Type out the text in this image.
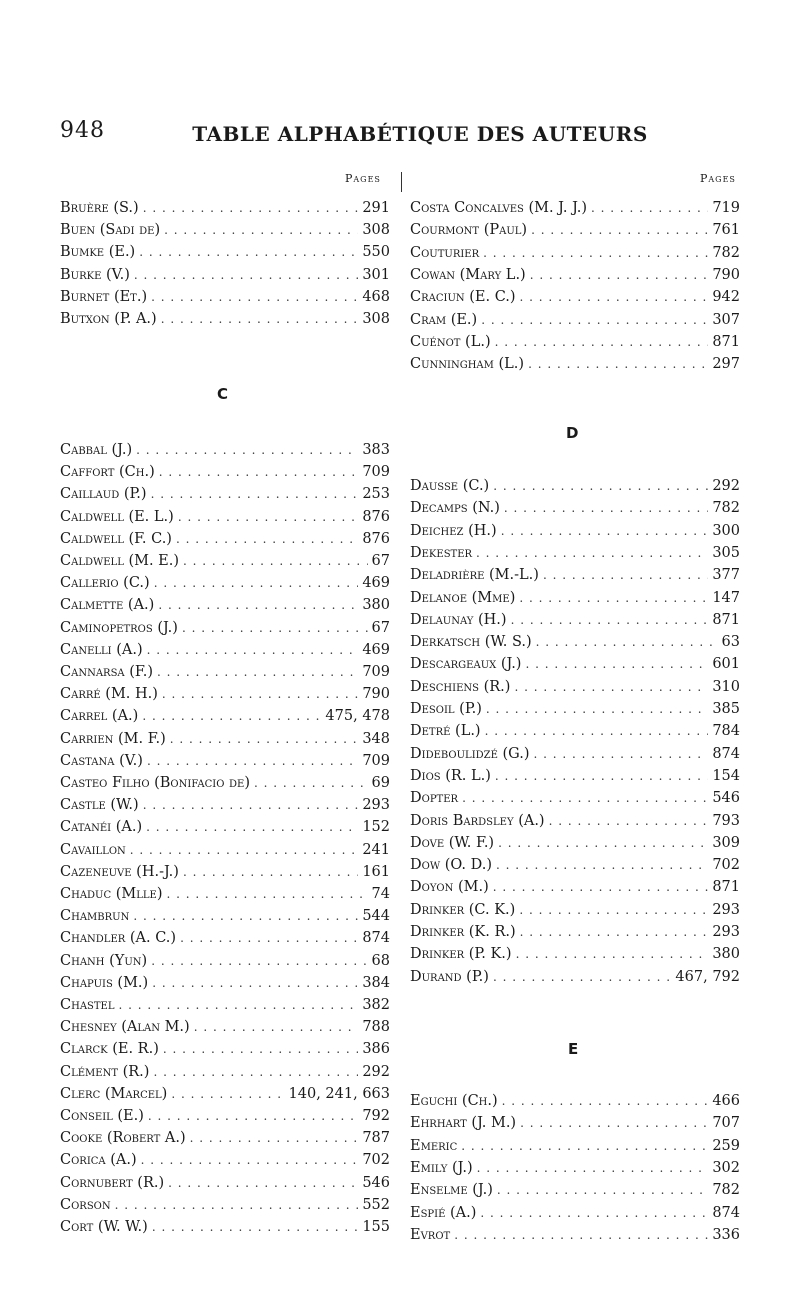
948	TABLE ALPHABÉTIQUE DES AUTEURS
Pages	Pages
Bruère (S.) . . .	291
Buen (Sadi de) . . .	308
Bumke (E.) . . .	550
Burke (V.) . . .	301
Burnet (Et.) . . .	468
Butxon (P. A.) . . .	308
C
Cabbal (J.) . . .	383
Caffort (Ch.) . . .	709
Caillaud (P.) . . .	253
Caldwell (E. L.) . . .	876
Caldwell (F. C.) . . .	876
Caldwell (M. E.) . . .	67
Callerio (C.) . . .	469
Calmette (A.) . . .	380
Caminopetros (J.) . . .	67
Canelli (A.) . . .	469
Cannarsa (F.) . . .	709
Carré (M. H.) . . .	790
Carrel (A.) . . .	475, 478
Carrien (M. F.) . . .	348
Castana (V.) . . .	709
Casteo Filho (Bonifacio de) . . .	69
Castle (W.) . . .	293
Catanéi (A.) . . .	152
Cavaillon . . .	241
Cazeneuve (H.-J.) . . .	161
Chaduc (Mlle) . . .	74
Chambrun . . .	544
Chandler (A. C.) . . .	874
Chanh (Yun) . . .	68
Chapuis (M.) . . .	384
Chastel . . .	382
Chesney (Alan M.) . . .	788
Clarck (E. R.) . . .	386
Clément (R.) . . .	292
Clerc (Marcel) . . .	140, 241, 663
Conseil (E.) . . .	792
Cooke (Robert A.) . . .	787
Corica (A.) . . .	702
Cornubert (R.) . . .	546
Corson . . .	552
Cort (W. W.) . . .	155
Costa Concalves (M. J. J.) . . .	719
Courmont (Paul) . . .	761
Couturier . . .	782
Cowan (Mary L.) . . .	790
Craciun (E. C.) . . .	942
Cram (E.) . . .	307
Cuénot (L.) . . .	871
Cunningham (L.) . . .	297
D
Dausse (C.) . . .	292
Decamps (N.) . . .	782
Deichez (H.) . . .	300
Dekester . . .	305
Deladrière (M.-L.) . . .	377
Delanoe (Mme) . . .	147
Delaunay (H.) . . .	871
Derkatsch (W. S.) . . .	63
Descargeaux (J.) . . .	601
Deschiens (R.) . . .	310
Desoil (P.) . . .	385
Detré (L.) . . .	784
Dideboulidzé (G.) . . .	874
Dios (R. L.) . . .	154
Dopter . . .	546
Doris Bardsley (A.) . . .	793
Dove (W. F.) . . .	309
Dow (O. D.) . . .	702
Doyon (M.) . . .	871
Drinker (C. K.) . . .	293
Drinker (K. R.) . . .	293
Drinker (P. K.) . . .	380
Durand (P.) . . .	467, 792
E
Eguchi (Ch.) . . .	466
Ehrhart (J. M.) . . .	707
Emeric . . .	259
Emily (J.) . . .	302
Enselme (J.) . . .	782
Espié (A.) . . .	874
Evrot . . .	336
